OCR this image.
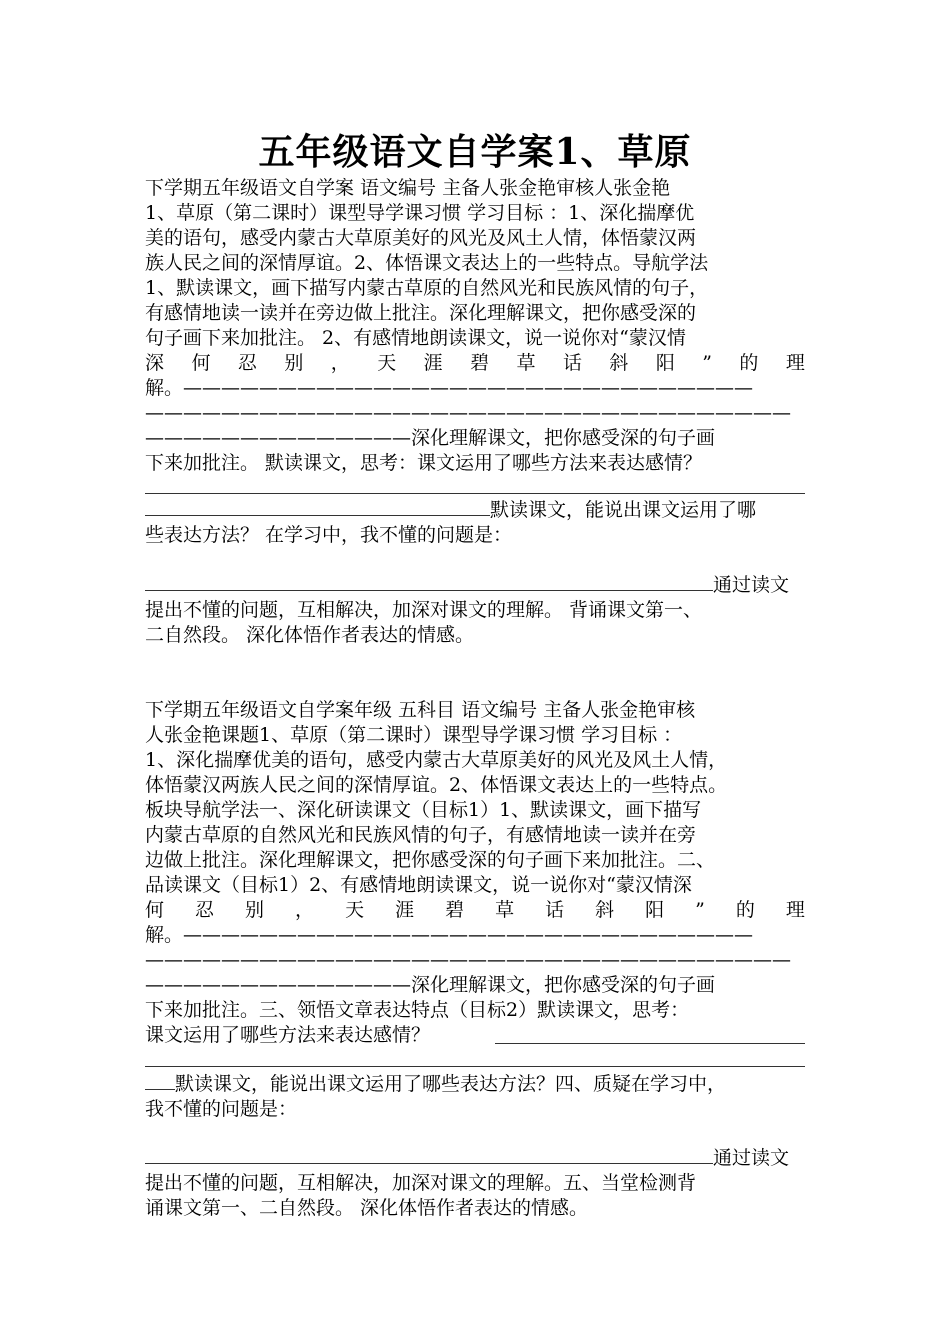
五年级语文自学案1、草原
下学期五年级语文自学案 语文编号 主备人张金艳审核人张金艳
1、草原（第二课时）课型导学课习惯 学习目标 ：1、深化揣摩优
美的语句，感受内蒙古大草原美好的风光及风土人情，体悟蒙汉两
族人民之间的深情厚谊。2、体悟课文表达上的一些特点。导航学法
1、默读课文，画下描写内蒙古草原的自然风光和民族风情的句子，
有感情地读一读并在旁边做上批注。深化理解课文，把你感受深的
句子画下来加批注。 2、有感情地朗读课文，说一说你对“蒙汉情
深 何 忍 别 ， 天 涯 碧 草 话 斜 阳 ” 的 理
解。——————————————————————————————
——————————————————————————————————
——————————————深化理解课文，把你感受深的句子画
下来加批注。 默读课文，思考：课文运用了哪些方法来表达感情？
默读课文，能说出课文运用了哪
些表达方法？ 在学习中，我不懂的问题是：
通过读文
提出不懂的问题，互相解决，加深对课文的理解。 背诵课文第一、
二自然段。 深化体悟作者表达的情感。
下学期五年级语文自学案年级 五科目 语文编号 主备人张金艳审核
人张金艳课题1、草原（第二课时）课型导学课习惯 学习目标 ：
1、深化揣摩优美的语句，感受内蒙古大草原美好的风光及风土人情，
体悟蒙汉两族人民之间的深情厚谊。2、体悟课文表达上的一些特点。
板块导航学法一、深化研读课文（目标1）1、默读课文，画下描写
内蒙古草原的自然风光和民族风情的句子，有感情地读一读并在旁
边做上批注。深化理解课文，把你感受深的句子画下来加批注。二、
品读课文（目标1）2、有感情地朗读课文，说一说你对“蒙汉情深
何 忍 别 ， 天 涯 碧 草 话 斜 阳 ” 的 理
解。——————————————————————————————
——————————————————————————————————
——————————————深化理解课文，把你感受深的句子画
下来加批注。三、领悟文章表达特点（目标2）默读课文，思考：
课文运用了哪些方法来表达感情？
默读课文，能说出课文运用了哪些表达方法？四、质疑在学习中，
我不懂的问题是：
通过读文
提出不懂的问题，互相解决，加深对课文的理解。五、当堂检测背
诵课文第一、二自然段。 深化体悟作者表达的情感。
